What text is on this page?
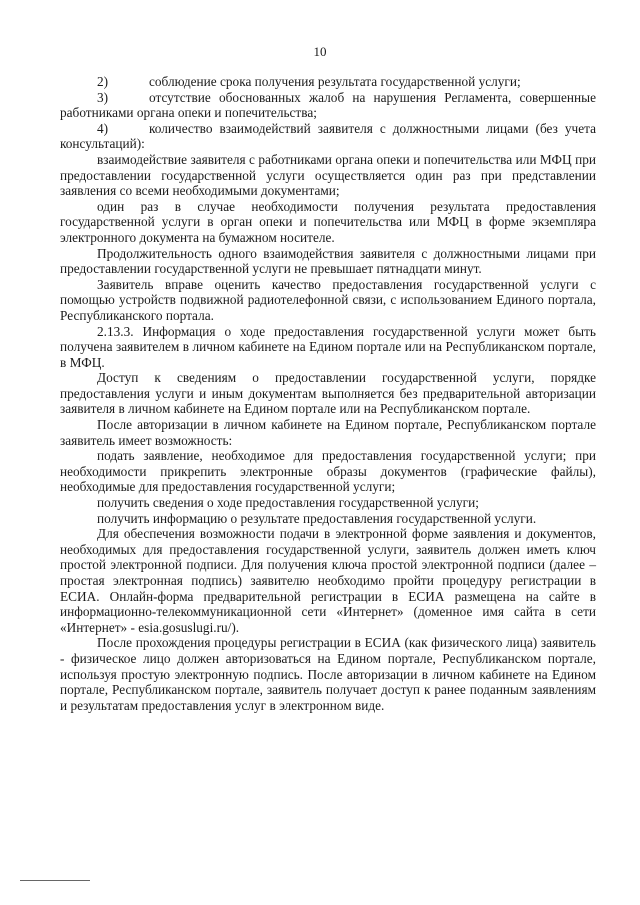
10

2)	соблюдение срока получения результата государственной услуги;

3)	отсутствие обоснованных жалоб на нарушения Регламента, совершенные работниками органа опеки и попечительства;

4)	количество взаимодействий заявителя с должностными лицами (без учета консультаций):

взаимодействие заявителя с работниками органа опеки и попечительства или МФЦ при предоставлении государственной услуги осуществляется один раз при представлении заявления со всеми необходимыми документами;

один раз в случае необходимости получения результата предоставления государственной услуги в орган опеки и попечительства или МФЦ в форме экземпляра электронного документа на бумажном носителе.

Продолжительность одного взаимодействия заявителя с должностными лицами при предоставлении государственной услуги не превышает пятнадцати минут.

Заявитель вправе оценить качество предоставления государственной услуги с помощью устройств подвижной радиотелефонной связи, с использованием Единого портала, Республиканского портала.

2.13.3. Информация о ходе предоставления государственной услуги может быть получена заявителем в личном кабинете на Едином портале или на Республиканском портале, в МФЦ.

Доступ к сведениям о предоставлении государственной услуги, порядке предоставления услуги и иным документам выполняется без предварительной авторизации заявителя в личном кабинете на Едином портале или на Республиканском портале.

После авторизации в личном кабинете на Едином портале, Республиканском портале заявитель имеет возможность:

подать заявление, необходимое для предоставления государственной услуги; при необходимости прикрепить электронные образы документов (графические файлы), необходимые для предоставления государственной услуги;

получить сведения о ходе предоставления государственной услуги;

получить информацию о результате предоставления государственной услуги.

Для обеспечения возможности подачи в электронной форме заявления и документов, необходимых для предоставления государственной услуги, заявитель должен иметь ключ простой электронной подписи. Для получения ключа простой электронной подписи (далее – простая электронная подпись) заявителю необходимо пройти процедуру регистрации в ЕСИА. Онлайн-форма предварительной регистрации в ЕСИА размещена на сайте в информационно-телекоммуникационной сети «Интернет» (доменное имя сайта в сети «Интернет» - esia.gosuslugi.ru/).

После прохождения процедуры регистрации в ЕСИА (как физического лица) заявитель - физическое лицо должен авторизоваться на Едином портале, Республиканском портале, используя простую электронную подпись. После авторизации в личном кабинете на Едином портале, Республиканском портале, заявитель получает доступ к ранее поданным заявлениям и результатам предоставления услуг в электронном виде.
